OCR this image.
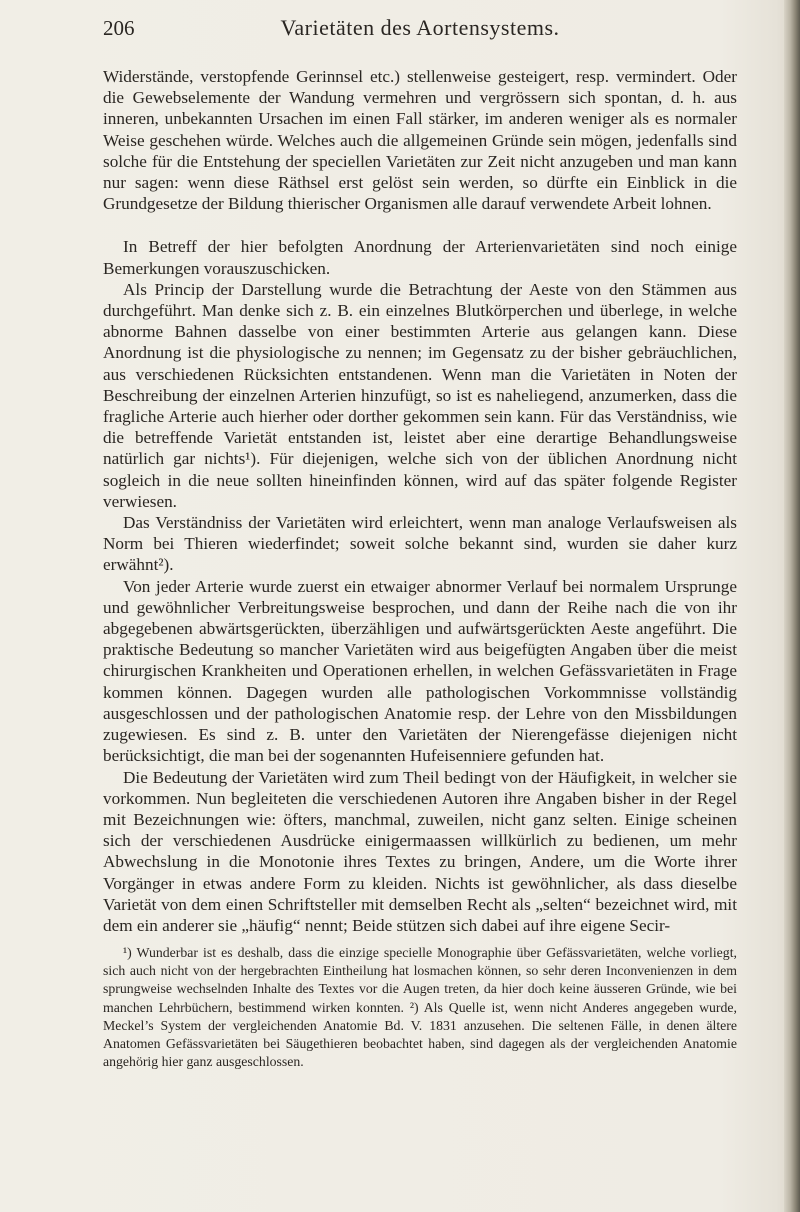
206	Varietäten des Aortensystems.

Widerstände, verstopfende Gerinnsel etc.) stellenweise gesteigert, resp. vermindert. Oder die Gewebselemente der Wandung vermehren und vergrössern sich spontan, d. h. aus inneren, unbekannten Ursachen im einen Fall stärker, im anderen weniger als es normaler Weise geschehen würde. Welches auch die allgemeinen Gründe sein mögen, jedenfalls sind solche für die Entstehung der speciellen Varietäten zur Zeit nicht anzugeben und man kann nur sagen: wenn diese Räthsel erst gelöst sein werden, so dürfte ein Einblick in die Grundgesetze der Bildung thierischer Organismen alle darauf verwendete Arbeit lohnen.

In Betreff der hier befolgten Anordnung der Arterienvarietäten sind noch einige Bemerkungen vorauszuschicken.

Als Princip der Darstellung wurde die Betrachtung der Aeste von den Stämmen aus durchgeführt. Man denke sich z. B. ein einzelnes Blutkörperchen und überlege, in welche abnorme Bahnen dasselbe von einer bestimmten Arterie aus gelangen kann. Diese Anordnung ist die physiologische zu nennen; im Gegensatz zu der bisher gebräuchlichen, aus verschiedenen Rücksichten entstandenen. Wenn man die Varietäten in Noten der Beschreibung der einzelnen Arterien hinzufügt, so ist es naheliegend, anzumerken, dass die fragliche Arterie auch hierher oder dorther gekommen sein kann. Für das Verständniss, wie die betreffende Varietät entstanden ist, leistet aber eine derartige Behandlungsweise natürlich gar nichts¹). Für diejenigen, welche sich von der üblichen Anordnung nicht sogleich in die neue sollten hineinfinden können, wird auf das später folgende Register verwiesen.

Das Verständniss der Varietäten wird erleichtert, wenn man analoge Verlaufsweisen als Norm bei Thieren wiederfindet; soweit solche bekannt sind, wurden sie daher kurz erwähnt²).

Von jeder Arterie wurde zuerst ein etwaiger abnormer Verlauf bei normalem Ursprunge und gewöhnlicher Verbreitungsweise besprochen, und dann der Reihe nach die von ihr abgegebenen abwärtsgerückten, überzähligen und aufwärtsgerückten Aeste angeführt. Die praktische Bedeutung so mancher Varietäten wird aus beigefügten Angaben über die meist chirurgischen Krankheiten und Operationen erhellen, in welchen Gefässvarietäten in Frage kommen können. Dagegen wurden alle pathologischen Vorkommnisse vollständig ausgeschlossen und der pathologischen Anatomie resp. der Lehre von den Missbildungen zugewiesen. Es sind z. B. unter den Varietäten der Nierengefässe diejenigen nicht berücksichtigt, die man bei der sogenannten Hufeisenniere gefunden hat.

Die Bedeutung der Varietäten wird zum Theil bedingt von der Häufigkeit, in welcher sie vorkommen. Nun begleiteten die verschiedenen Autoren ihre Angaben bisher in der Regel mit Bezeichnungen wie: öfters, manchmal, zuweilen, nicht ganz selten. Einige scheinen sich der verschiedenen Ausdrücke einigermaassen willkürlich zu bedienen, um mehr Abwechslung in die Monotonie ihres Textes zu bringen, Andere, um die Worte ihrer Vorgänger in etwas andere Form zu kleiden. Nichts ist gewöhnlicher, als dass dieselbe Varietät von dem einen Schriftsteller mit demselben Recht als „selten“ bezeichnet wird, mit dem ein anderer sie „häufig“ nennt; Beide stützen sich dabei auf ihre eigene Secir-

¹) Wunderbar ist es deshalb, dass die einzige specielle Monographie über Gefässvarietäten, welche vorliegt, sich auch nicht von der hergebrachten Eintheilung hat losmachen können, so sehr deren Inconvenienzen in dem sprungweise wechselnden Inhalte des Textes vor die Augen treten, da hier doch keine äusseren Gründe, wie bei manchen Lehrbüchern, bestimmend wirken konnten. ²) Als Quelle ist, wenn nicht Anderes angegeben wurde, Meckel’s System der vergleichenden Anatomie Bd. V. 1831 anzusehen. Die seltenen Fälle, in denen ältere Anatomen Gefässvarietäten bei Säugethieren beobachtet haben, sind dagegen als der vergleichenden Anatomie angehörig hier ganz ausgeschlossen.
